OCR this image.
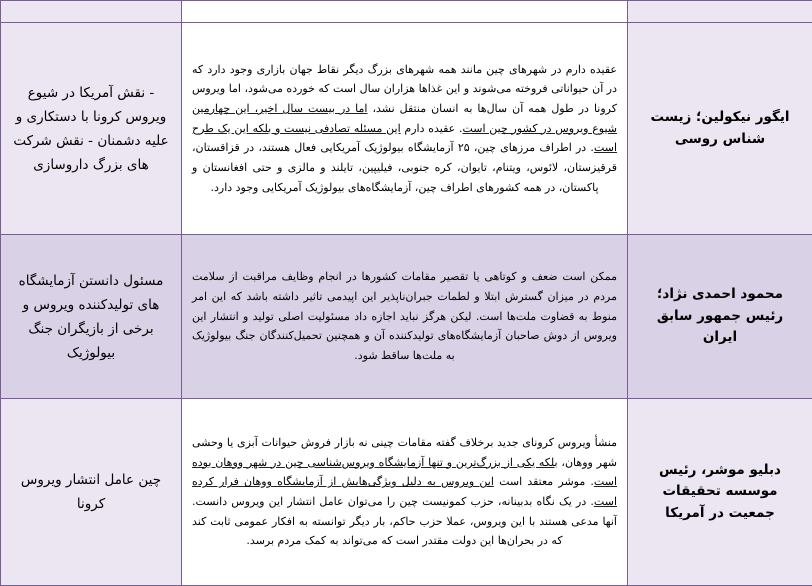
ایگور نیکولین؛ زیست شناس روسی	عقیده دارم در شهرهای چین مانند همه شهرهای بزرگ دیگر نقاط جهان بازاری وجود دارد که در آن حیواناتی فروخته می‌شوند و این غذاها هزاران سال است که خورده می‌شود، اما ویروس کرونا در طول همه آن سال‌ها به انسان منتقل نشد، اما در بیست سال اخیر، این چهارمین شیوع ویروس در کشور چین است. عقیده دارم این مسئله تصادفی نیست و بلکه این یک طرح است. در اطراف مرزهای چین، ۲۵ آزمایشگاه بیولوژیک آمریکایی فعال هستند، در قزاقستان، قرقیزستان، لائوس، ویتنام، تایوان، کره جنوبی، فیلیپین، تایلند و مالزی و حتی افغانستان و پاکستان، در همه کشورهای اطراف چین، آزمایشگاه‌های بیولوژیک آمریکایی وجود دارد.	- نقش آمریکا در شیوع ویروس کرونا با دستکاری و علیه دشمنان - نقش شرکت های بزرگ داروسازی
محمود احمدی نژاد؛ رئیس جمهور سابق ایران	ممکن است ضعف و کوتاهی یا تقصیر مقامات کشورها در انجام وظایف مراقبت از سلامت مردم در میزان گسترش ابتلا و لطمات جبران‌ناپذیر این اپیدمی تاثیر داشته باشد که این امر منوط به قضاوت ملت‌ها است. لیکن هرگز نباید اجازه داد مسئولیت اصلی تولید و انتشار این ویروس از دوش صاحبان آزمایشگاه‌های تولیدکننده آن و همچنین تحمیل‌کنندگان جنگ بیولوژیک به ملت‌ها ساقط شود.	مسئول دانستن آزمایشگاه های تولیدکننده ویروس و برخی از بازیگران جنگ بیولوژیک
دبلیو موشر، رئیس موسسه تحقیقات جمعیت در آمریکا	منشأ ویروس کرونای جدید برخلاف گفته مقامات چینی نه بازار فروش حیوانات آبزی یا وحشی شهر ووهان، بلکه یکی از بزرگ‌ترین و تنها آزمایشگاه ویروس‌شناسی چین در شهر ووهان بوده است. موشر معتقد است این ویروس به دلیل ویژگی‌هایش از آزمایشگاه ووهان فرار کرده است. در یک نگاه بدبینانه، حزب کمونیست چین را می‌توان عامل انتشار این ویروس دانست. آنها مدعی هستند با این ویروس، عملا حزب حاکم، بار دیگر توانسته به افکار عمومی ثابت کند که در بحران‌ها این دولت مقتدر است که می‌تواند به کمک مردم برسد.	چین عامل انتشار ویروس کرونا
